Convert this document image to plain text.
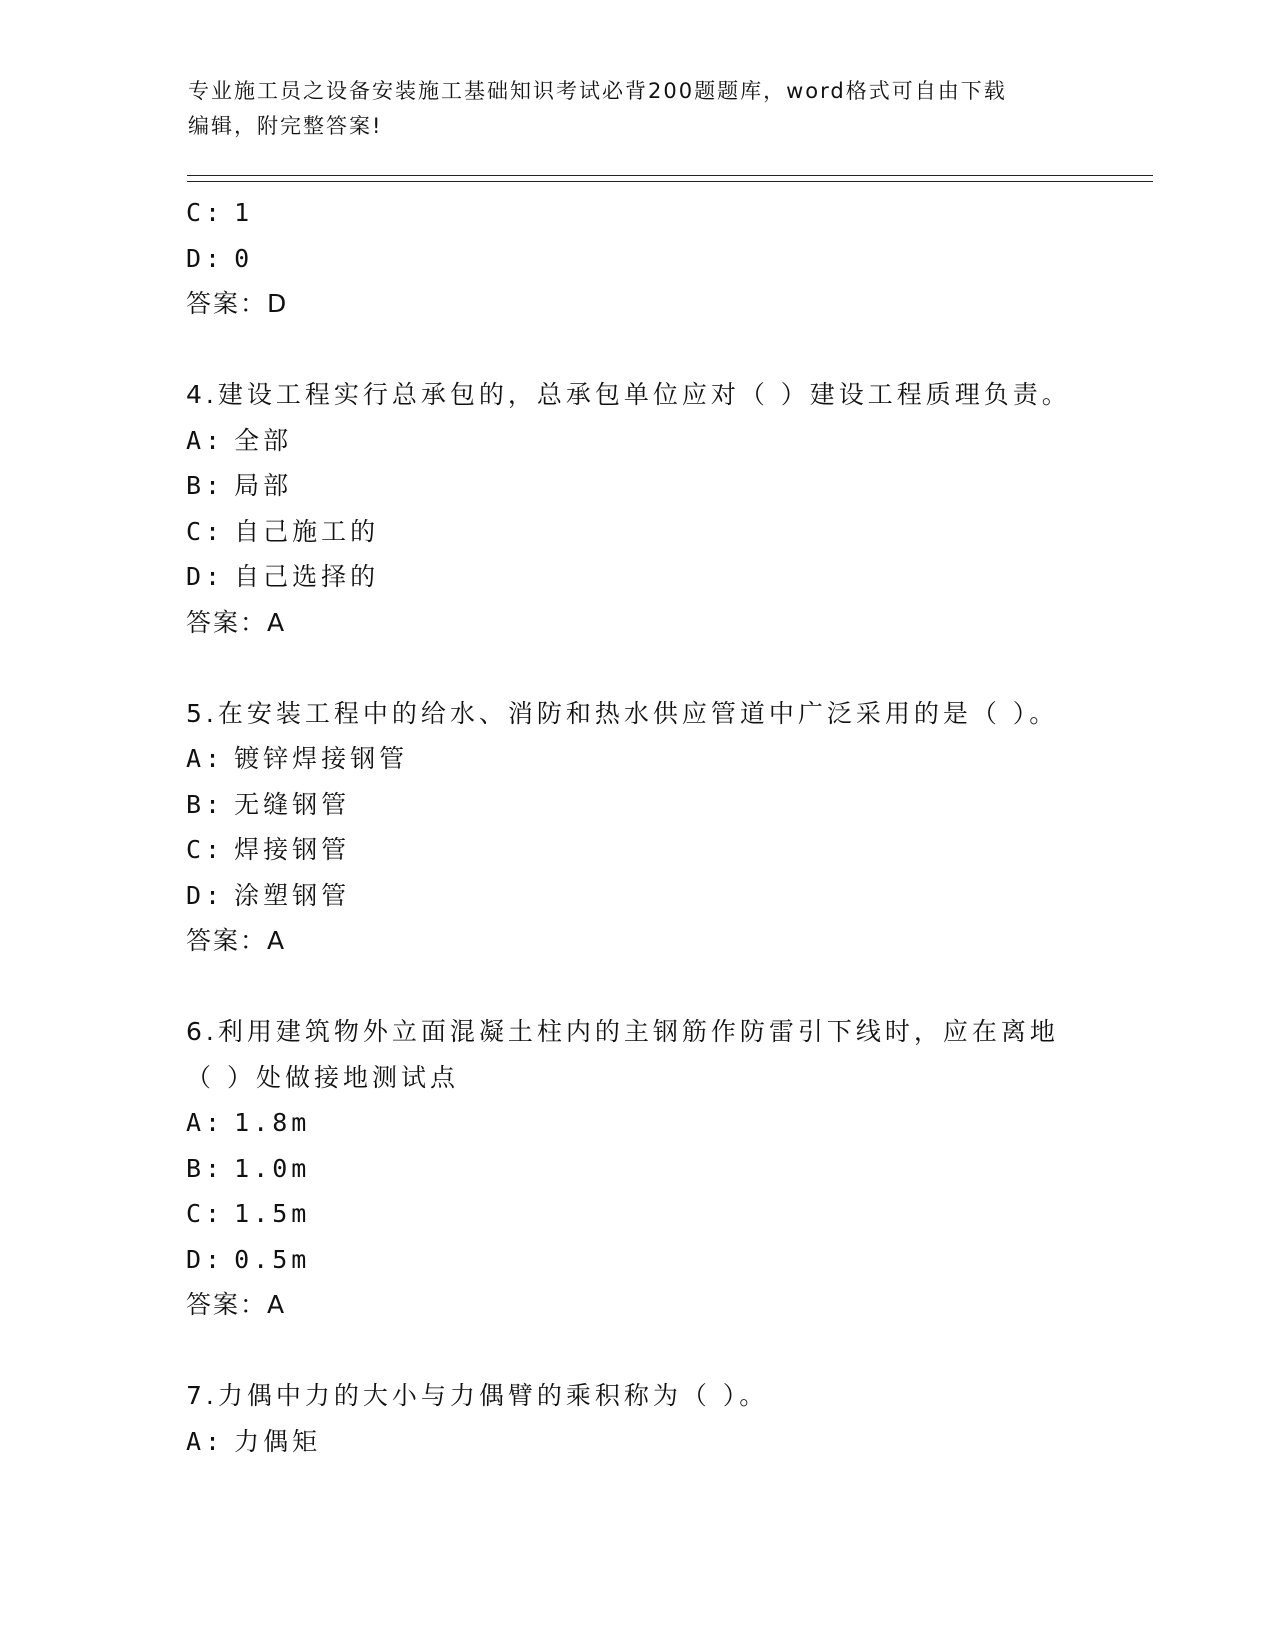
专业施工员之设备安装施工基础知识考试必背200题题库，word格式可自由下载
编辑，附完整答案!
C: 1
D: 0
答案：D
4.建设工程实行总承包的，总承包单位应对（ ）建设工程质理负责。
A: 全部
B: 局部
C: 自己施工的
D: 自己选择的
答案：A
5.在安装工程中的给水、消防和热水供应管道中广泛采用的是（ ）。
A: 镀锌焊接钢管
B: 无缝钢管
C: 焊接钢管
D: 涂塑钢管
答案：A
6.利用建筑物外立面混凝土柱内的主钢筋作防雷引下线时，应在离地
（ ）处做接地测试点
A: 1.8m
B: 1.0m
C: 1.5m
D: 0.5m
答案：A
7.力偶中力的大小与力偶臂的乘积称为（ ）。
A: 力偶矩
